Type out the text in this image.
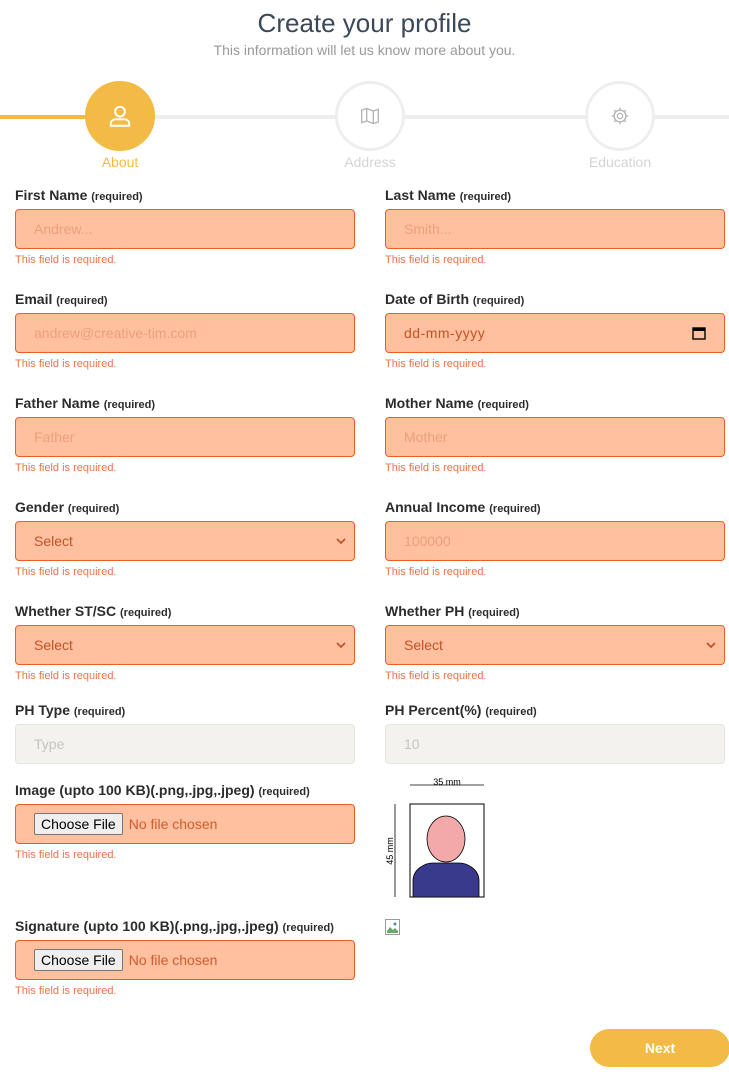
Create your profile
This information will let us know more about you.
About	Address	Education
First Name (required)
Andrew...
This field is required.
Last Name (required)
Smith...
This field is required.
Email (required)
andrew@creative-tim.com
This field is required.
Date of Birth (required)
dd-mm-yyyy
This field is required.
Father Name (required)
Father
This field is required.
Mother Name (required)
Mother
This field is required.
Gender (required)
Select
This field is required.
Annual Income (required)
100000
This field is required.
Whether ST/SC (required)
Select
This field is required.
Whether PH (required)
Select
This field is required.
PH Type (required)
Type
PH Percent(%) (required)
10
Image (upto 100 KB)(.png,.jpg,.jpeg) (required)
Choose File No file chosen
This field is required.
35 mm
45 mm
Signature (upto 100 KB)(.png,.jpg,.jpeg) (required)
Choose File No file chosen
This field is required.
Next
